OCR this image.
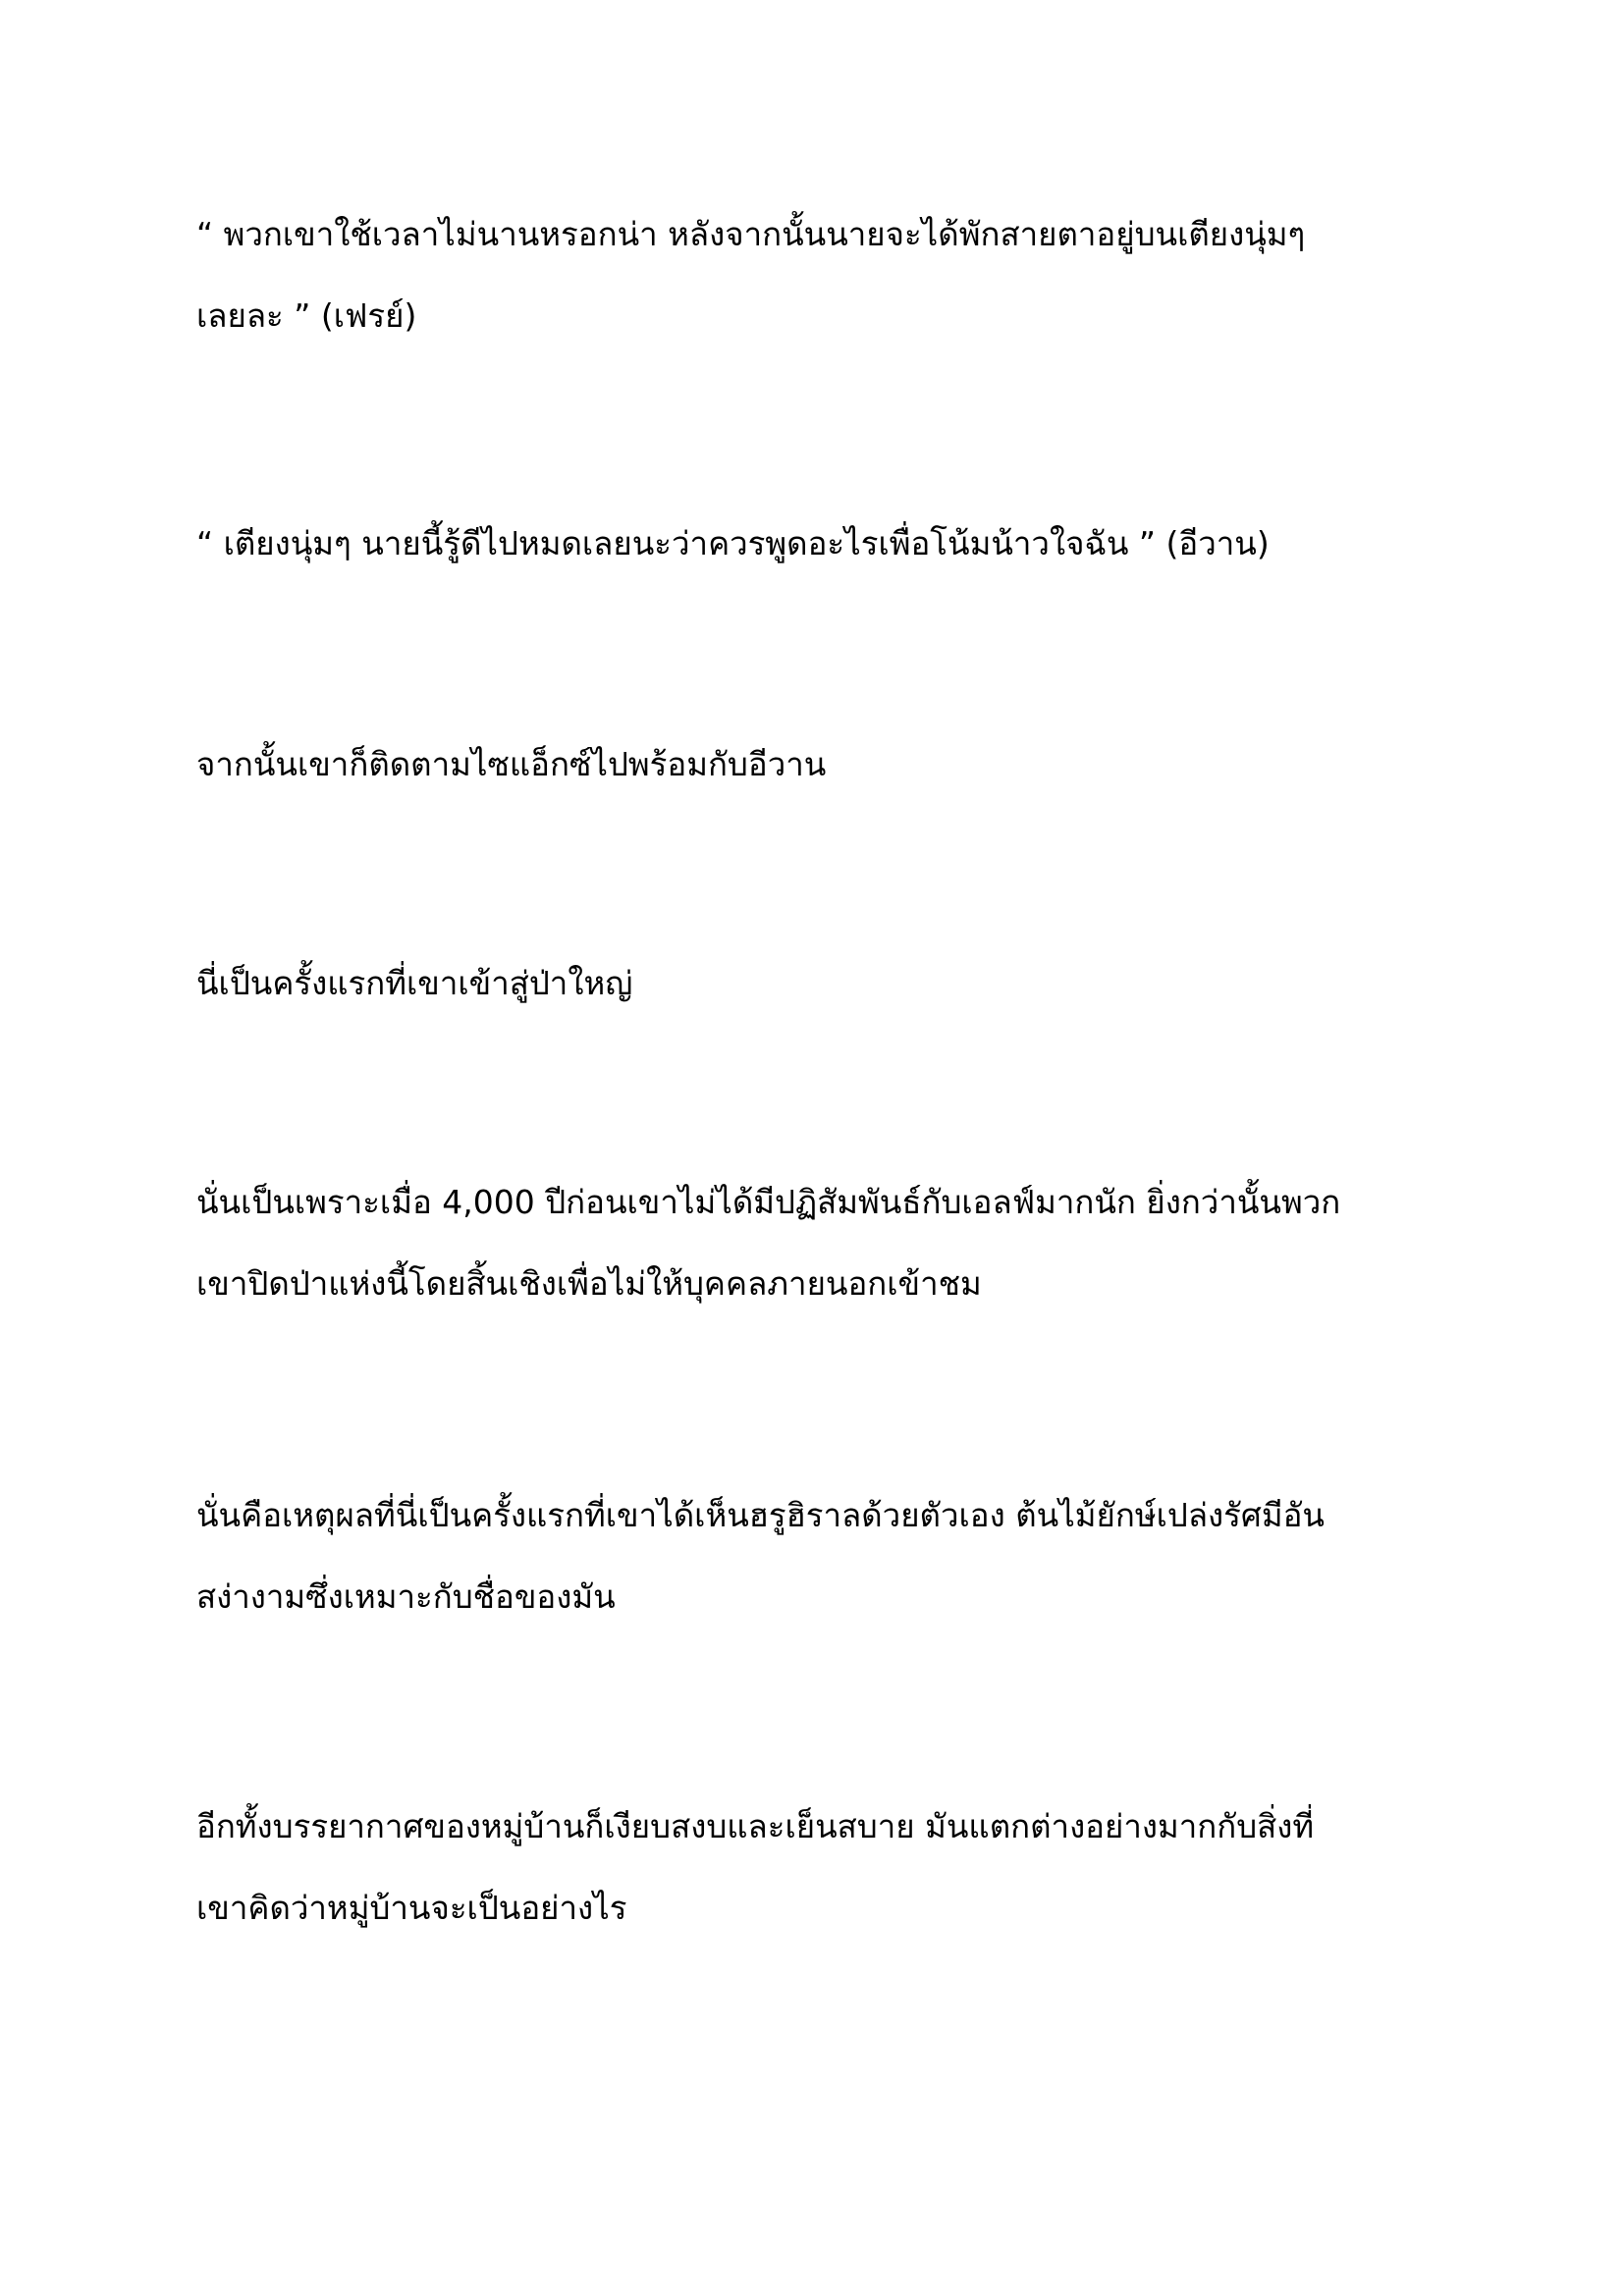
“ พวกเขาใช้เวลาไม่นานหรอกน่า หลังจากนั้นนายจะได้พักสายตาอยู่บนเตียงนุ่มๆ
เลยละ ” (เฟรย์)

“ เตียงนุ่มๆ นายนี้รู้ดีไปหมดเลยนะว่าควรพูดอะไรเพื่อโน้มน้าวใจฉัน ” (อีวาน)

จากนั้นเขาก็ติดตามไซแอ็กซ์ไปพร้อมกับอีวาน

นี่เป็นครั้งแรกที่เขาเข้าสู่ป่าใหญ่

นั่นเป็นเพราะเมื่อ 4,000 ปีก่อนเขาไม่ได้มีปฏิสัมพันธ์กับเอลฟ์มากนัก ยิ่งกว่านั้นพวก
เขาปิดป่าแห่งนี้โดยสิ้นเชิงเพื่อไม่ให้บุคคลภายนอกเข้าชม

นั่นคือเหตุผลที่นี่เป็นครั้งแรกที่เขาได้เห็นฮรูฮิราลด้วยตัวเอง ต้นไม้ยักษ์เปล่งรัศมีอัน
สง่างามซึ่งเหมาะกับชื่อของมัน

อีกทั้งบรรยากาศของหมู่บ้านก็เงียบสงบและเย็นสบาย มันแตกต่างอย่างมากกับสิ่งที่
เขาคิดว่าหมู่บ้านจะเป็นอย่างไร
